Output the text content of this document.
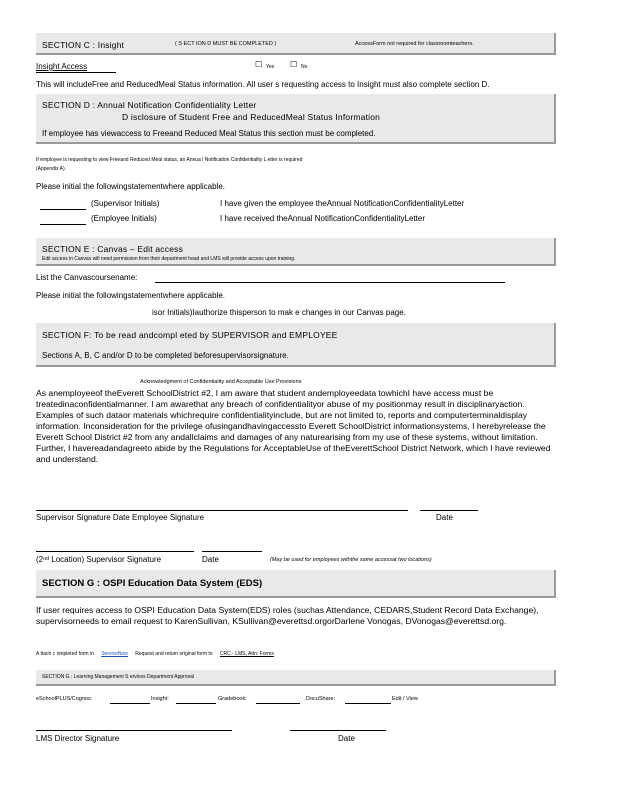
SECTION C : Insight	( S ECT ION D MUST BE COMPLETED )	AccessForm not required for classroomteachers.
Insight Access	☐ Yes ☐ No
This will includeFree and ReducedMeal Status information. All user s requesting access to Insight must also complete section D.
SECTION D : Annual Notification Confidentiality Letter
D isclosure of Student Free and ReducedMeal Status Information
If employee has viewaccess to Freeand Reduced Meal Status this section must be completed.
If employee is requesting to view Freeand Reduced Meal status, an Annua l Notification Confidentiality L etter is required
(Appendix A).
Please initial the followingstatementwhere applicable.
(Supervisor Initials)	I have given the employee theAnnual NotificationConfidentialityLetter
(Employee Initials)	I have received theAnnual NotificationConfidentialityLetter
SECTION E : Canvas – Edit access
Edit access in Canvas will need permission from their department head and LMS will provide access upon training.
List the Canvascoursename:
Please initial the followingstatementwhere applicable.
isor Initials)Iauthorize thisperson to mak e changes in our Canvas page.
SECTION F: To be read andcompl eted by SUPERVISOR and EMPLOYEE
Sections A, B, C and/or D to be completed beforesupervisorsignature.
Acknowledgment of Confidentiality and Acceptable Use Provisions
As anemployeeof theEverett SchoolDistrict #2, I am aware that student andemployeedata towhichI have access must be treatedinaconfidentialmanner. I am awarethat any breach of confidentialityor abuse of my positionmay result in disciplinaryaction. Examples of such dataor materials whichrequire confidentialityinclude, but are not limited to, reports and computerterminaldisplay information. Inconsideration for the privilege ofusingandhavingaccessto Everett SchoolDistrict informationsystems, I herebyrelease the Everett School District #2 from any andallclaims and damages of any naturearising from my use of these systems, without limitation. Further, I havereadandagreeto abide by the Regulations for AcceptableUse of theEverettSchool District Network, which I have reviewed and understand.
Supervisor Signature Date Employee Signature	Date
(2ⁿᵈ Location) Supervisor Signature	Date	(May be used for employees withthe same accessat two locations)
SECTION G : OSPI Education Data System (EDS)
If user requires access to OSPI Education Data System(EDS) roles (suchas Attendance, CEDARS,Student Record Data Exchange), supervisorneeds to email request to KarenSullivan, KSullivan@everettsd.orgorDarlene Vonogas, DVonogas@everettsd.org.
A ttach c ompleted form in ServiceNow Request and return original form to CRC - LMS, Attn: Forms
SECTION G : Learning Management S ervices Department Approval
eSchoolPLUS/Cognos:	Insight:	Gradebook:	DocuShare:	Edit / View
LMS Director Signature	Date
